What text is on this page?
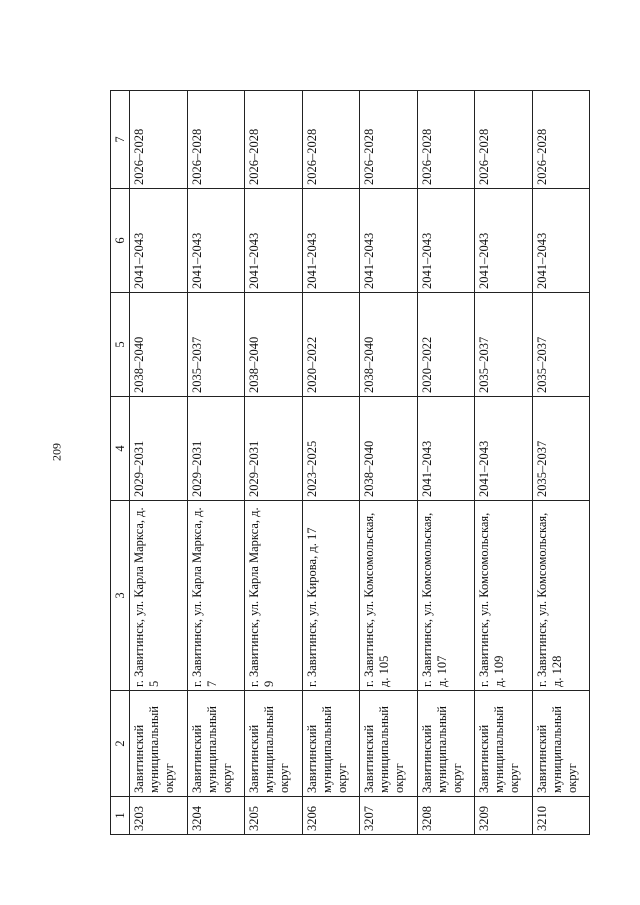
209
1	2	3	4	5	6	7
3203	Завитинский муниципальный округ	г. Завитинск, ул. Карла Маркса, д. 5	2029–2031	2038–2040	2041–2043	2026–2028
3204	Завитинский муниципальный округ	г. Завитинск, ул. Карла Маркса, д. 7	2029–2031	2035–2037	2041–2043	2026–2028
3205	Завитинский муниципальный округ	г. Завитинск, ул. Карла Маркса, д. 9	2029–2031	2038–2040	2041–2043	2026–2028
3206	Завитинский муниципальный округ	г. Завитинск, ул. Кирова, д. 17	2023–2025	2020–2022	2041–2043	2026–2028
3207	Завитинский муниципальный округ	г. Завитинск, ул. Комсомольская, д. 105	2038–2040	2038–2040	2041–2043	2026–2028
3208	Завитинский муниципальный округ	г. Завитинск, ул. Комсомольская, д. 107	2041–2043	2020–2022	2041–2043	2026–2028
3209	Завитинский муниципальный округ	г. Завитинск, ул. Комсомольская, д. 109	2041–2043	2035–2037	2041–2043	2026–2028
3210	Завитинский муниципальный округ	г. Завитинск, ул. Комсомольская, д. 128	2035–2037	2035–2037	2041–2043	2026–2028
